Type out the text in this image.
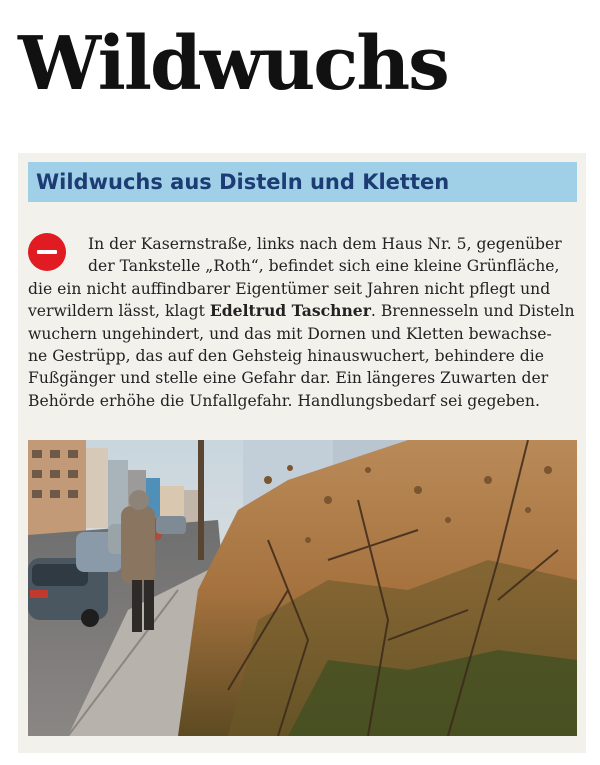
Wildwuchs
Wildwuchs aus Disteln und Kletten
In der Kasernstraße, links nach dem Haus Nr. 5, gegenüber
der Tankstelle „Roth“, befindet sich eine kleine Grünfläche,
die ein nicht auffindbarer Eigentümer seit Jahren nicht pflegt und
verwildern lässt, klagt Edeltrud Taschner. Brennesseln und Disteln
wuchern ungehindert, und das mit Dornen und Kletten bewachse-
ne Gestrüpp, das auf den Gehsteig hinauswuchert, behindere die
Fußgänger und stelle eine Gefahr dar. Ein längeres Zuwarten der
Behörde erhöhe die Unfallgefahr. Handlungsbedarf sei gegeben.
